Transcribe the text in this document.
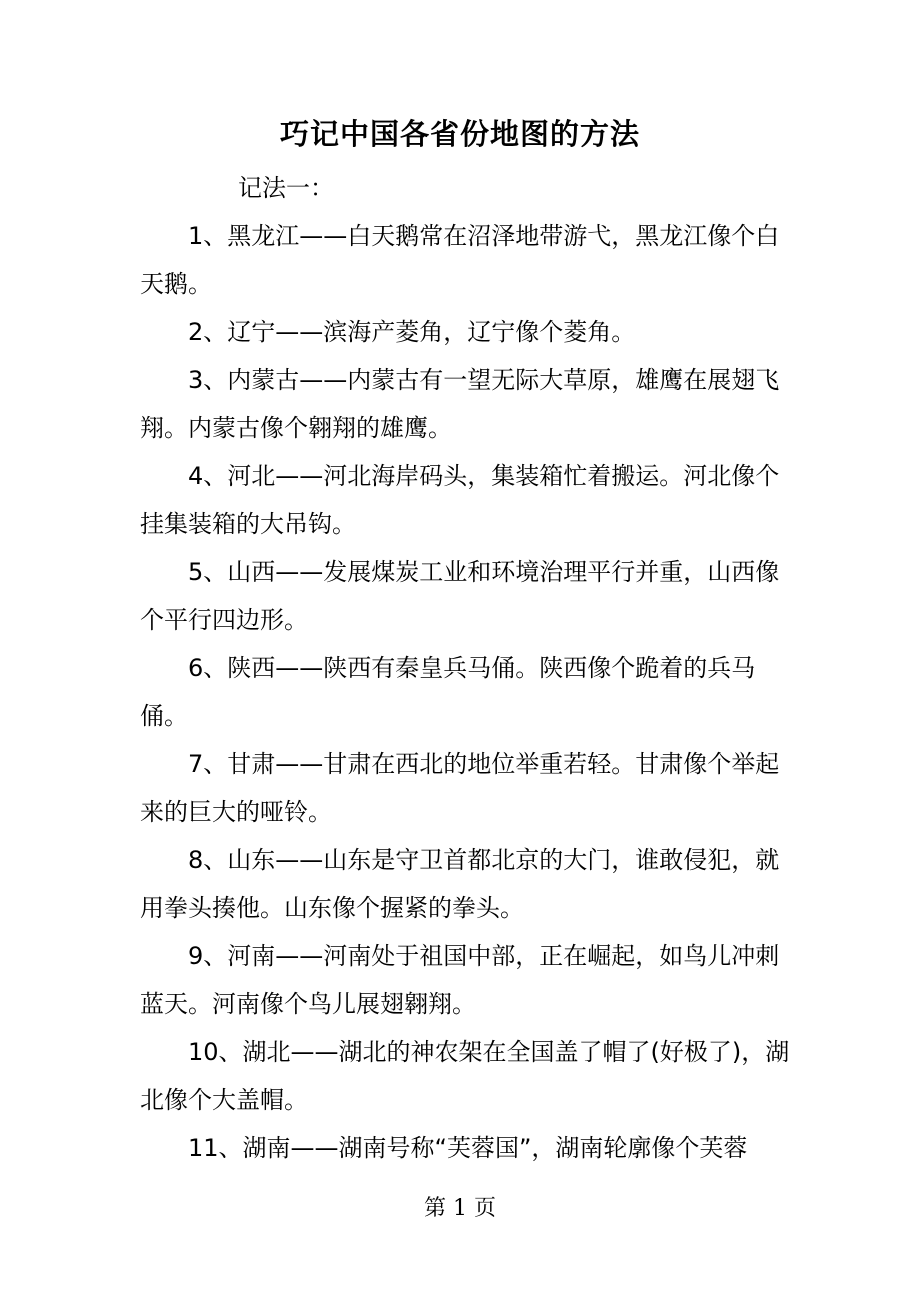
巧记中国各省份地图的方法
记法一：

1、黑龙江——白天鹅常在沼泽地带游弋，黑龙江像个白天鹅。

2、辽宁——滨海产菱角，辽宁像个菱角。

3、内蒙古——内蒙古有一望无际大草原，雄鹰在展翅飞翔。内蒙古像个翱翔的雄鹰。

4、河北——河北海岸码头，集装箱忙着搬运。河北像个挂集装箱的大吊钩。

5、山西——发展煤炭工业和环境治理平行并重，山西像个平行四边形。

6、陕西——陕西有秦皇兵马俑。陕西像个跪着的兵马俑。

7、甘肃——甘肃在西北的地位举重若轻。甘肃像个举起来的巨大的哑铃。

8、山东——山东是守卫首都北京的大门，谁敢侵犯，就用拳头揍他。山东像个握紧的拳头。

9、河南——河南处于祖国中部，正在崛起，如鸟儿冲刺蓝天。河南像个鸟儿展翅翱翔。

10、湖北——湖北的神农架在全国盖了帽了(好极了)，湖北像个大盖帽。

11、湖南——湖南号称“芙蓉国”，湖南轮廓像个芙蓉

第 1 页
